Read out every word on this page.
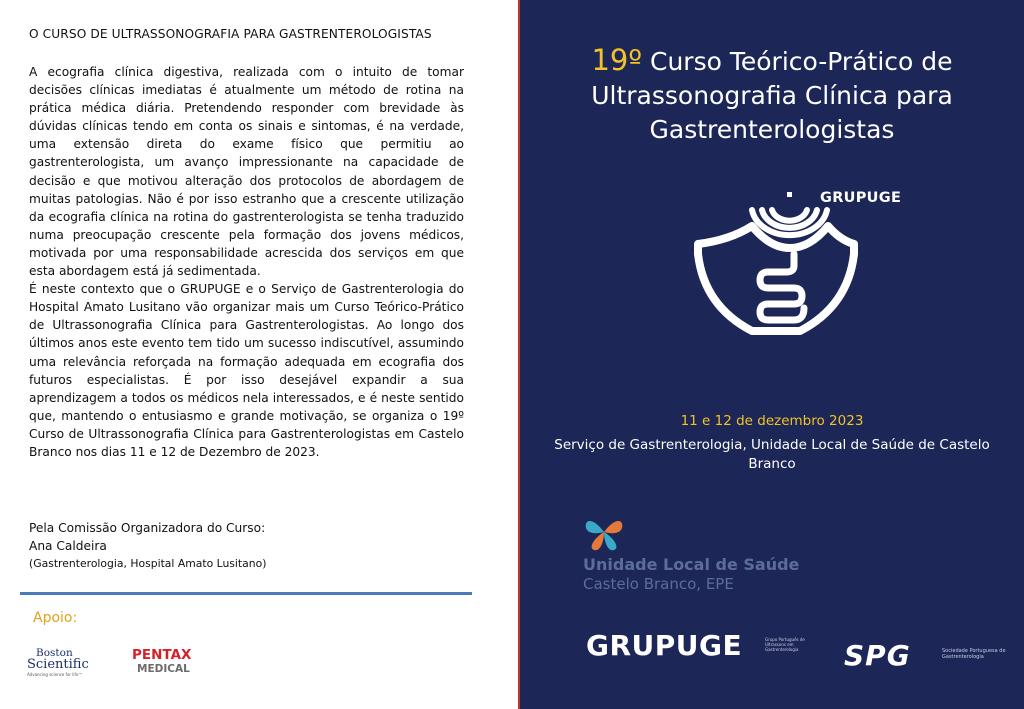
O CURSO DE ULTRASSONOGRAFIA PARA GASTRENTEROLOGISTAS

A ecografia clínica digestiva, realizada com o intuito de tomar decisões clínicas imediatas é atualmente um método de rotina na prática médica diária. Pretendendo responder com brevidade às dúvidas clínicas tendo em conta os sinais e sintomas, é na verdade, uma extensão direta do exame físico que permitiu ao gastrenterologista, um avanço impressionante na capacidade de decisão e que motivou alteração dos protocolos de abordagem de muitas patologias. Não é por isso estranho que a crescente utilização da ecografia clínica na rotina do gastrenterologista se tenha traduzido numa preocupação crescente pela formação dos jovens médicos, motivada por uma responsabilidade acrescida dos serviços em que esta abordagem está já sedimentada.

É neste contexto que o GRUPUGE e o Serviço de Gastrenterologia do Hospital Amato Lusitano vão organizar mais um Curso Teórico-Prático de Ultrassonografia Clínica para Gastrenterologistas. Ao longo dos últimos anos este evento tem tido um sucesso indiscutível, assumindo uma relevância reforçada na formação adequada em ecografia dos futuros especialistas. É por isso desejável expandir a sua aprendizagem a todos os médicos nela interessados, e é neste sentido que, mantendo o entusiasmo e grande motivação, se organiza o 19º Curso de Ultrassonografia Clínica para Gastrenterologistas em Castelo Branco nos dias 11 e 12 de Dezembro de 2023.

Pela Comissão Organizadora do Curso:
Ana Caldeira
(Gastrenterologia, Hospital Amato Lusitano)
Apoio:
Boston
Scientific
Advancing science for life™
PENTAX
MEDICAL
19º Curso Teórico-Prático de Ultrassonografia Clínica para Gastrenterologistas
GRUPUGE
11 e 12 de dezembro 2023
Serviço de Gastrenterologia, Unidade Local de Saúde de Castelo Branco
Unidade Local de Saúde
Castelo Branco, EPE
GRUPUGE	Grupo Português de Ultrassons em Gastrenterologia	SPG	Sociedade Portuguesa de Gastrenterologia
